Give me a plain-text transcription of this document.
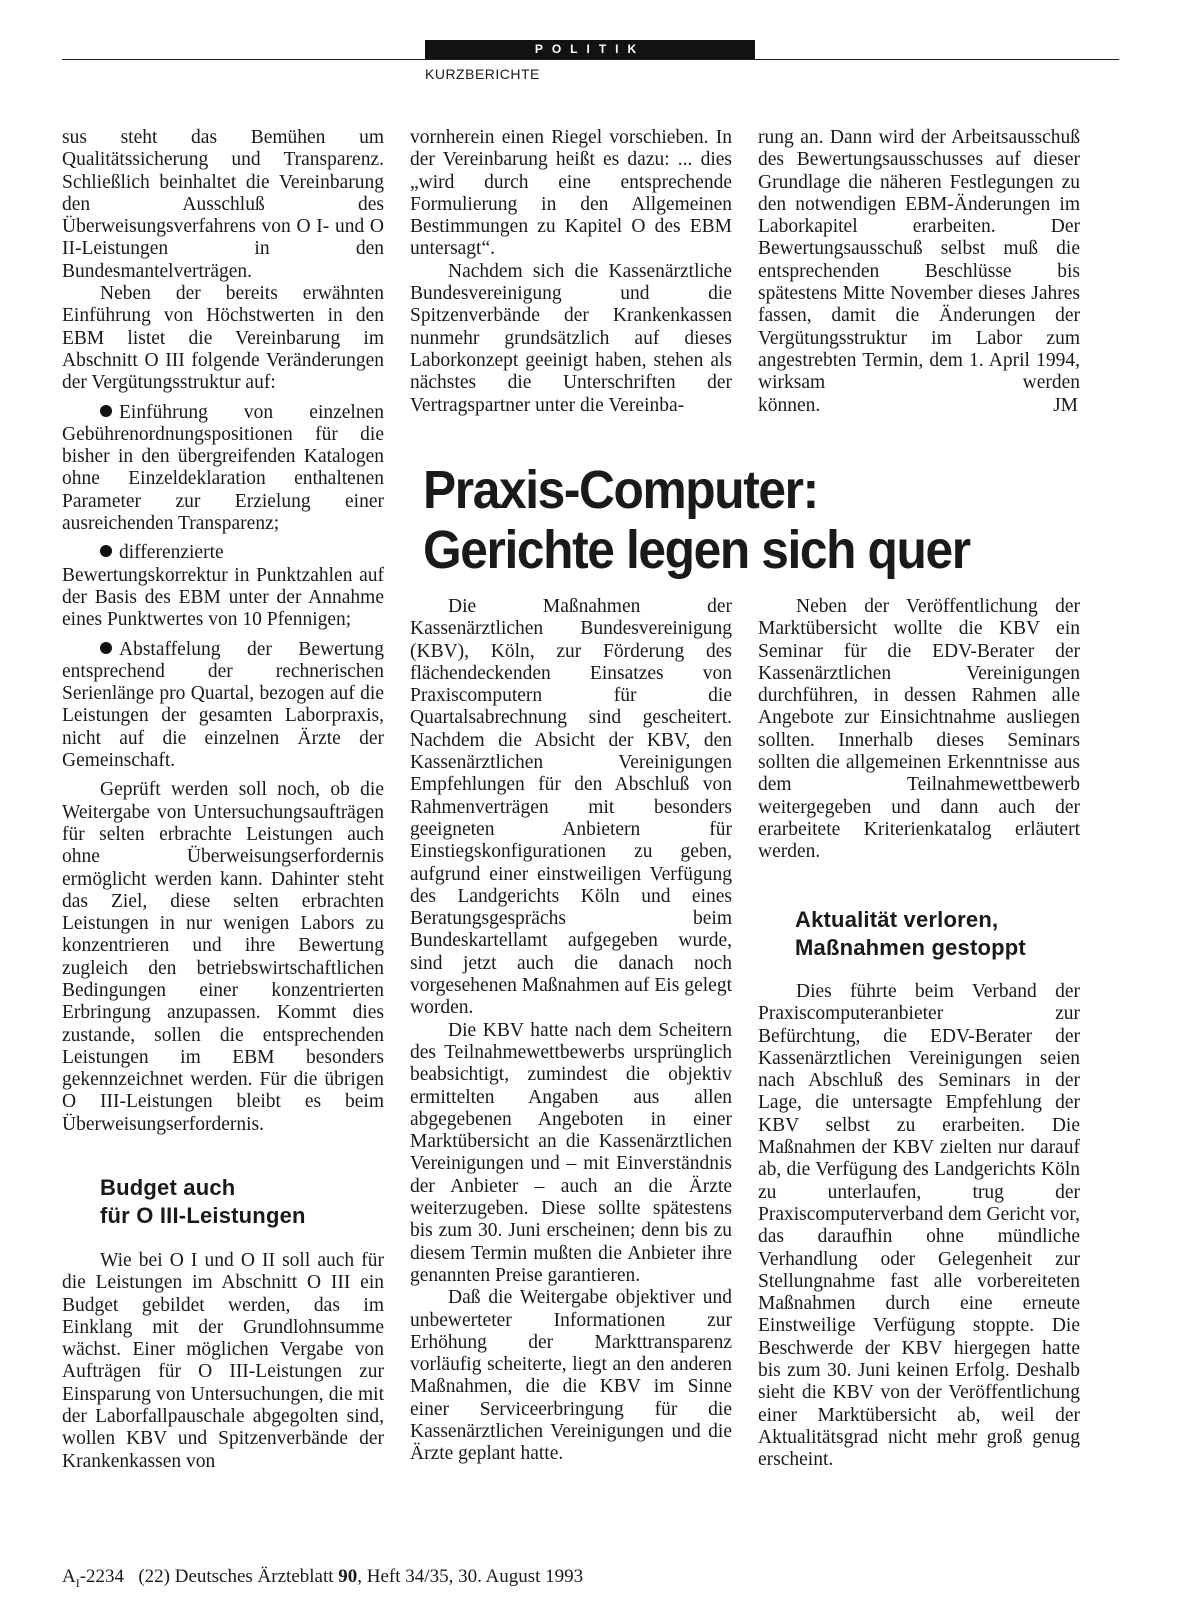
POLITIK
KURZBERICHTE

sus steht das Bemühen um Qualitätssicherung und Transparenz. Schließlich beinhaltet die Vereinbarung den Ausschluß des Überweisungsverfahrens von O I- und O II-Leistungen in den Bundesmantelverträgen.

Neben der bereits erwähnten Einführung von Höchstwerten in den EBM listet die Vereinbarung im Abschnitt O III folgende Veränderungen der Vergütungsstruktur auf:

Einführung von einzelnen Gebührenordnungspositionen für die bisher in den übergreifenden Katalogen ohne Einzeldeklaration enthaltenen Parameter zur Erzielung einer ausreichenden Transparenz;

differenzierte Bewertungskorrektur in Punktzahlen auf der Basis des EBM unter der Annahme eines Punktwertes von 10 Pfennigen;

Abstaffelung der Bewertung entsprechend der rechnerischen Serienlänge pro Quartal, bezogen auf die Leistungen der gesamten Laborpraxis, nicht auf die einzelnen Ärzte der Gemeinschaft.

Geprüft werden soll noch, ob die Weitergabe von Untersuchungsaufträgen für selten erbrachte Leistungen auch ohne Überweisungserfordernis ermöglicht werden kann. Dahinter steht das Ziel, diese selten erbrachten Leistungen in nur wenigen Labors zu konzentrieren und ihre Bewertung zugleich den betriebswirtschaftlichen Bedingungen einer konzentrierten Erbringung anzupassen. Kommt dies zustande, sollen die entsprechenden Leistungen im EBM besonders gekennzeichnet werden. Für die übrigen O III-Leistungen bleibt es beim Überweisungserfordernis.

Budget auch
für O III-Leistungen

Wie bei O I und O II soll auch für die Leistungen im Abschnitt O III ein Budget gebildet werden, das im Einklang mit der Grundlohnsumme wächst. Einer möglichen Vergabe von Aufträgen für O III-Leistungen zur Einsparung von Untersuchungen, die mit der Laborfallpauschale abgegolten sind, wollen KBV und Spitzenverbände der Krankenkassen von

vornherein einen Riegel vorschieben. In der Vereinbarung heißt es dazu: ... dies „wird durch eine entsprechende Formulierung in den Allgemeinen Bestimmungen zu Kapitel O des EBM untersagt“.

Nachdem sich die Kassenärztliche Bundesvereinigung und die Spitzenverbände der Krankenkassen nunmehr grundsätzlich auf dieses Laborkonzept geeinigt haben, stehen als nächstes die Unterschriften der Vertragspartner unter die Vereinba-

rung an. Dann wird der Arbeitsausschuß des Bewertungsausschusses auf dieser Grundlage die näheren Festlegungen zu den notwendigen EBM-Änderungen im Laborkapitel erarbeiten. Der Bewertungsausschuß selbst muß die entsprechenden Beschlüsse bis spätestens Mitte November dieses Jahres fassen, damit die Änderungen der Vergütungsstruktur im Labor zum angestrebten Termin, dem 1. April 1994, wirksam werden

können.	JM

Praxis-Computer:
Gerichte legen sich quer

Die Maßnahmen der Kassenärztlichen Bundesvereinigung (KBV), Köln, zur Förderung des flächendeckenden Einsatzes von Praxiscomputern für die Quartalsabrechnung sind gescheitert. Nachdem die Absicht der KBV, den Kassenärztlichen Vereinigungen Empfehlungen für den Abschluß von Rahmenverträgen mit besonders geeigneten Anbietern für Einstiegskonfigurationen zu geben, aufgrund einer einstweiligen Verfügung des Landgerichts Köln und eines Beratungsgesprächs beim Bundeskartellamt aufgegeben wurde, sind jetzt auch die danach noch vorgesehenen Maßnahmen auf Eis gelegt worden.

Die KBV hatte nach dem Scheitern des Teilnahmewettbewerbs ursprünglich beabsichtigt, zumindest die objektiv ermittelten Angaben aus allen abgegebenen Angeboten in einer Marktübersicht an die Kassenärztlichen Vereinigungen und – mit Einverständnis der Anbieter – auch an die Ärzte weiterzugeben. Diese sollte spätestens bis zum 30. Juni erscheinen; denn bis zu diesem Termin mußten die Anbieter ihre genannten Preise garantieren.

Daß die Weitergabe objektiver und unbewerteter Informationen zur Erhöhung der Markttransparenz vorläufig scheiterte, liegt an den anderen Maßnahmen, die die KBV im Sinne einer Serviceerbringung für die Kassenärztlichen Vereinigungen und die Ärzte geplant hatte.

Neben der Veröffentlichung der Marktübersicht wollte die KBV ein Seminar für die EDV-Berater der Kassenärztlichen Vereinigungen durchführen, in dessen Rahmen alle Angebote zur Einsichtnahme ausliegen sollten. Innerhalb dieses Seminars sollten die allgemeinen Erkenntnisse aus dem Teilnahmewettbewerb weitergegeben und dann auch der erarbeitete Kriterienkatalog erläutert werden.

Aktualität verloren,
Maßnahmen gestoppt

Dies führte beim Verband der Praxiscomputeranbieter zur Befürchtung, die EDV-Berater der Kassenärztlichen Vereinigungen seien nach Abschluß des Seminars in der Lage, die untersagte Empfehlung der KBV selbst zu erarbeiten. Die Maßnahmen der KBV zielten nur darauf ab, die Verfügung des Landgerichts Köln zu unterlaufen, trug der Praxiscomputerverband dem Gericht vor, das daraufhin ohne mündliche Verhandlung oder Gelegenheit zur Stellungnahme fast alle vorbereiteten Maßnahmen durch eine erneute Einstweilige Verfügung stoppte. Die Beschwerde der KBV hiergegen hatte bis zum 30. Juni keinen Erfolg. Deshalb sieht die KBV von der Veröffentlichung einer Marktübersicht ab, weil der Aktualitätsgrad nicht mehr groß genug erscheint.

$A_I-2234$ (22) Deutsches Ärzteblatt 90, Heft 34/35, 30. August 1993
